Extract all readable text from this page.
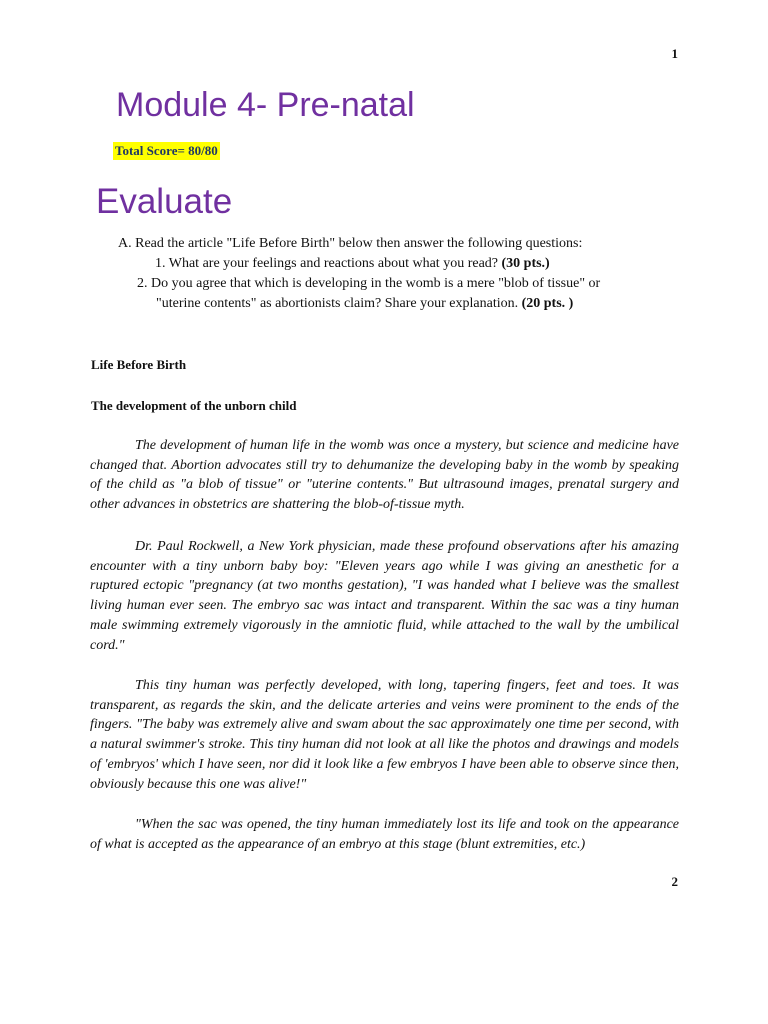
1
Module 4- Pre-natal
Total Score= 80/80
Evaluate
A. Read the article "Life Before Birth" below then answer the following questions:
1. What are your feelings and reactions about what you read? (30 pts.)
2. Do you agree that which is developing in the womb is a mere "blob of tissue" or
"uterine contents" as abortionists claim? Share your explanation. (20 pts. )
Life Before Birth
The development of the unborn child

The development of human life in the womb was once a mystery, but science and medicine have changed that. Abortion advocates still try to dehumanize the developing baby in the womb by speaking of the child as "a blob of tissue" or "uterine contents." But ultrasound images, prenatal surgery and other advances in obstetrics are shattering the blob-of-tissue myth.

Dr. Paul Rockwell, a New York physician, made these profound observations after his amazing encounter with a tiny unborn baby boy: "Eleven years ago while I was giving an anesthetic for a ruptured ectopic "pregnancy (at two months gestation), "I was handed what I believe was the smallest living human ever seen. The embryo sac was intact and transparent. Within the sac was a tiny human male swimming extremely vigorously in the amniotic fluid, while attached to the wall by the umbilical cord."

This tiny human was perfectly developed, with long, tapering fingers, feet and toes. It was transparent, as regards the skin, and the delicate arteries and veins were prominent to the ends of the fingers. "The baby was extremely alive and swam about the sac approximately one time per second, with a natural swimmer's stroke. This tiny human did not look at all like the photos and drawings and models of 'embryos' which I have seen, nor did it look like a few embryos I have been able to observe since then, obviously because this one was alive!"

"When the sac was opened, the tiny human immediately lost its life and took on the appearance of what is accepted as the appearance of an embryo at this stage (blunt extremities, etc.)

2
